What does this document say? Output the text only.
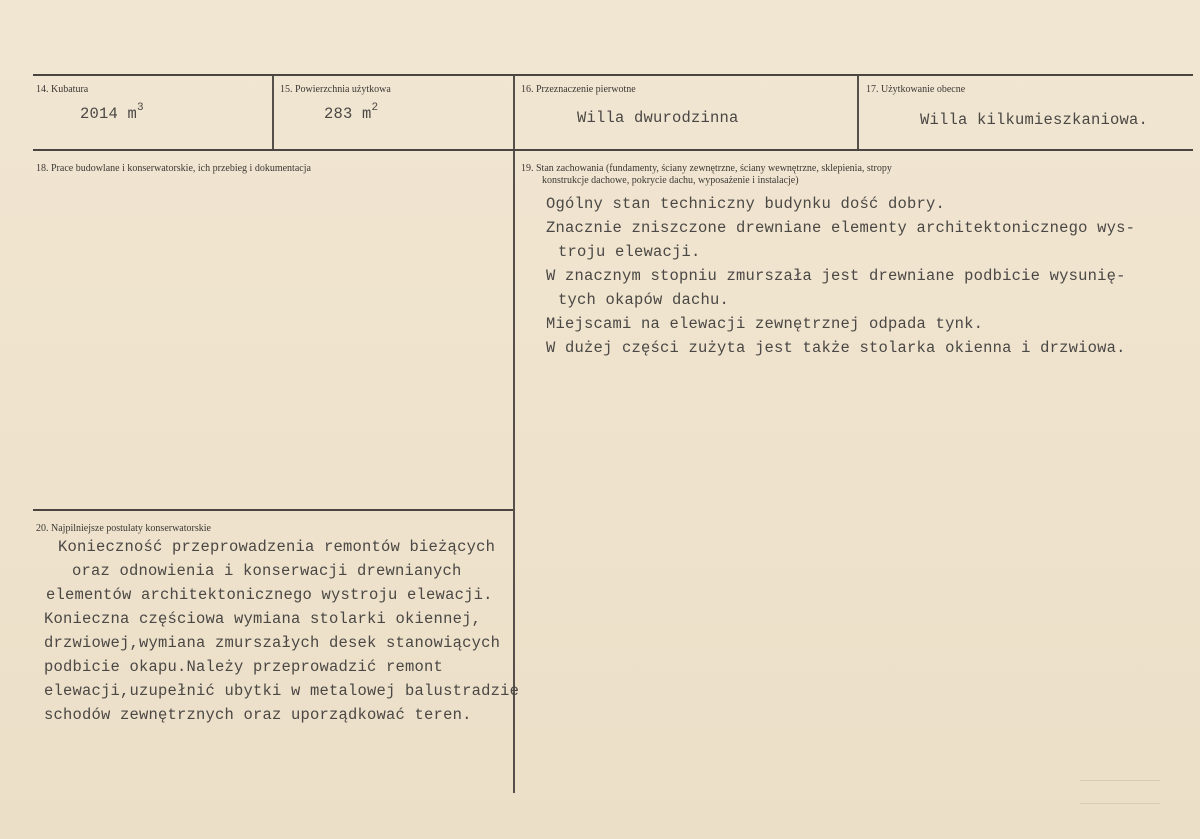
14. Kubatura
2014 $m^3$
15. Powierzchnia użytkowa
283 $m^2$
16. Przeznaczenie pierwotne
Willa dwurodzinna
17. Użytkowanie obecne
Willa kilkumieszkaniowa.
18. Prace budowlane i konserwatorskie, ich przebieg i dokumentacja	19. Stan zachowania (fundamenty, ściany zewnętrzne, ściany wewnętrzne, sklepienia, stropy
konstrukcje dachowe, pokrycie dachu, wyposażenie i instalacje)
Ogólny stan techniczny budynku dość dobry.
Znacznie zniszczone drewniane elementy architektonicznego wys-
troju elewacji.
W znacznym stopniu zmurszała jest drewniane podbicie wysunię-
tych okapów dachu.
Miejscami na elewacji zewnętrznej odpada tynk.
W dużej części zużyta jest także stolarka okienna i drzwiowa.
20. Najpilniejsze postulaty konserwatorskie
Konieczność przeprowadzenia remontów bieżących
oraz odnowienia i konserwacji drewnianych
elementów architektonicznego wystroju elewacji.
Konieczna częściowa wymiana stolarki okiennej,
drzwiowej,wymiana zmurszałych desek stanowiących
podbicie okapu.Należy przeprowadzić remont
elewacji,uzupełnić ubytki w metalowej balustradzie
schodów zewnętrznych oraz uporządkować teren.
